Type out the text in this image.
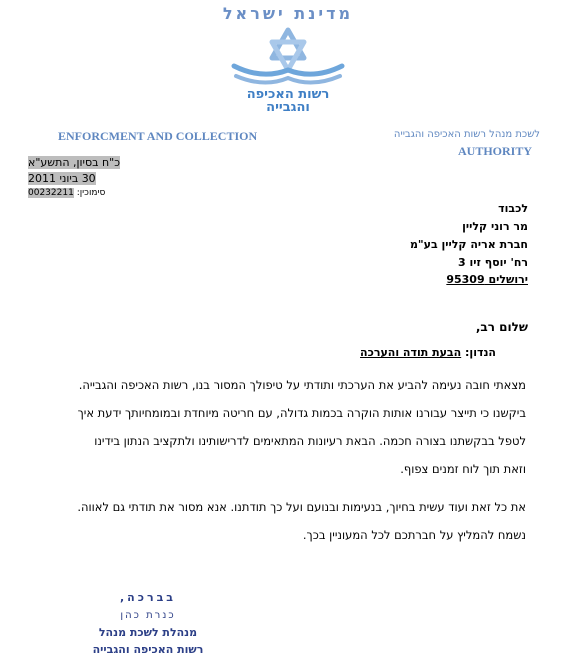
מדינת ישראל
רשות האכיפה
והגבייה
ENFORCMENT AND COLLECTION	לשכת מנהל רשות האכיפה והגבייה
AUTHORITY
כ"ח בסיון, התשע"א
30 ביוני 2011
סימוכין: 00232211
לכבוד
מר רוני קליין
חברת אריה קליין בע"מ
רח' יוסף זיו 3
ירושלים 95309
שלום רב,
הנדון: הבעת תודה והערכה
מצאתי חובה נעימה להביע את הערכתי ותודתי על טיפולך המסור בנו, רשות האכיפה והגבייה.
ביקשנו כי תייצר עבורנו אותות הוקרה בכמות גדולה, עם חריטה מיוחדת ובמומחיותך ידעת איך
לטפל בבקשתנו בצורה חכמה. הבאת רעיונות המתאימים לדרישותינו ולתקציב הנתון בידינו
וזאת תוך לוח זמנים צפוף.
את כל זאת ועוד עשית בחיוך, בנעימות ובנועם ועל כך תודתנו. אנא מסור את תודתי גם לאווה.
נשמח להמליץ על חברתכם לכל המעוניין בכך.
בברכה,
כנרת כהן
מנהלת לשכת מנהל
רשות האכיפה והגבייה
